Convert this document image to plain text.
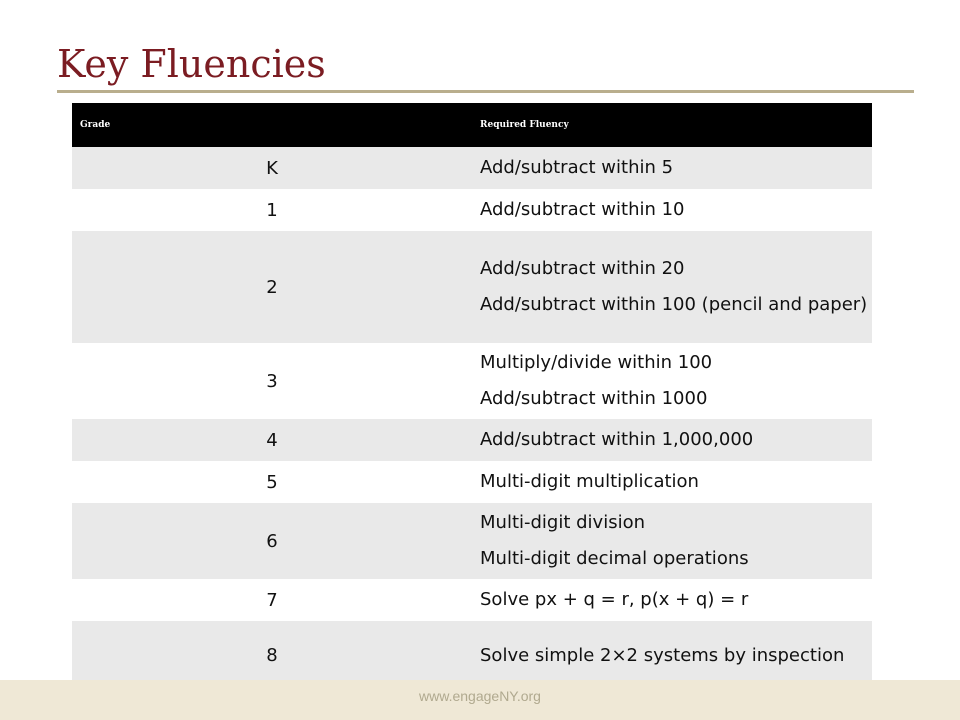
Key Fluencies
Grade	Required Fluency
K	Add/subtract within 5

1	Add/subtract within 10

2	Add/subtract within 20
Add/subtract within 100 (pencil and paper)

3	Multiply/divide within 100
Add/subtract within 1000

4	Add/subtract within 1,000,000

5	Multi-digit multiplication

6	Multi-digit division
Multi-digit decimal operations

7	Solve px + q = r, p(x + q) = r

8	Solve simple 2×2 systems by inspection
www.engageNY.org
